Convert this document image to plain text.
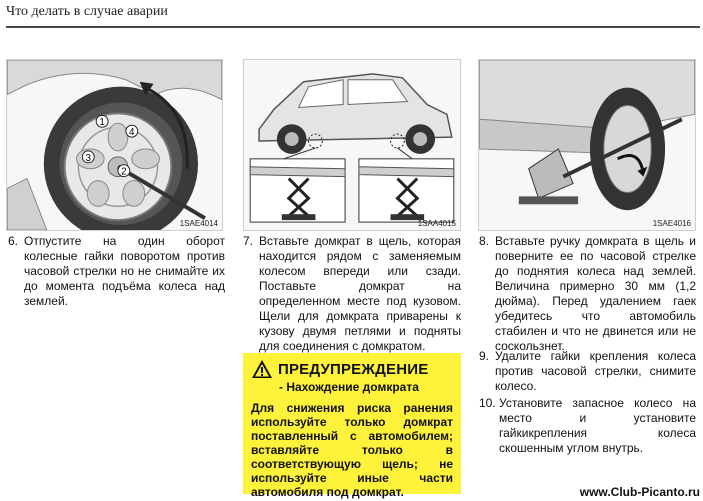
Что делать в случае аварии
1
2
3
4
1SAE4014	1SAA4015	1SAE4016
6. Отпустите на один оборот колесные гайки поворотом против часовой стрелки но не снимайте их до момента подъёма колеса над землей.
7. Вставьте домкрат в щель, которая находится рядом с заменяемым колесом впереди или сзади. Поставьте домкрат на определенном месте под кузовом. Щели для домкрата приварены к кузову двумя петлями и подняты для соединения с домкратом.
8. Вставьте ручку домкрата в щель и поверните ее по часовой стрелке до поднятия колеса над землей. Величина примерно 30 мм (1,2 дюйма). Перед удалением гаек убедитесь что автомобиль стабилен и что не двинется или не соскользнет.
9. Удалите гайки крепления колеса против часовой стрелки, снимите колесо.
10. Установите запасное колесо на место и установите гайкикрепления колеса скошенным углом внутрь.
ПРЕДУПРЕЖДЕНИЕ
- Нахождение домкрата
Для снижения риска ранения используйте только домкрат поставленный с автомобилем; вставляйте только в соответствующую щель; не используйте иные части автомобиля под домкрат.	www.Club-Picanto.ru
